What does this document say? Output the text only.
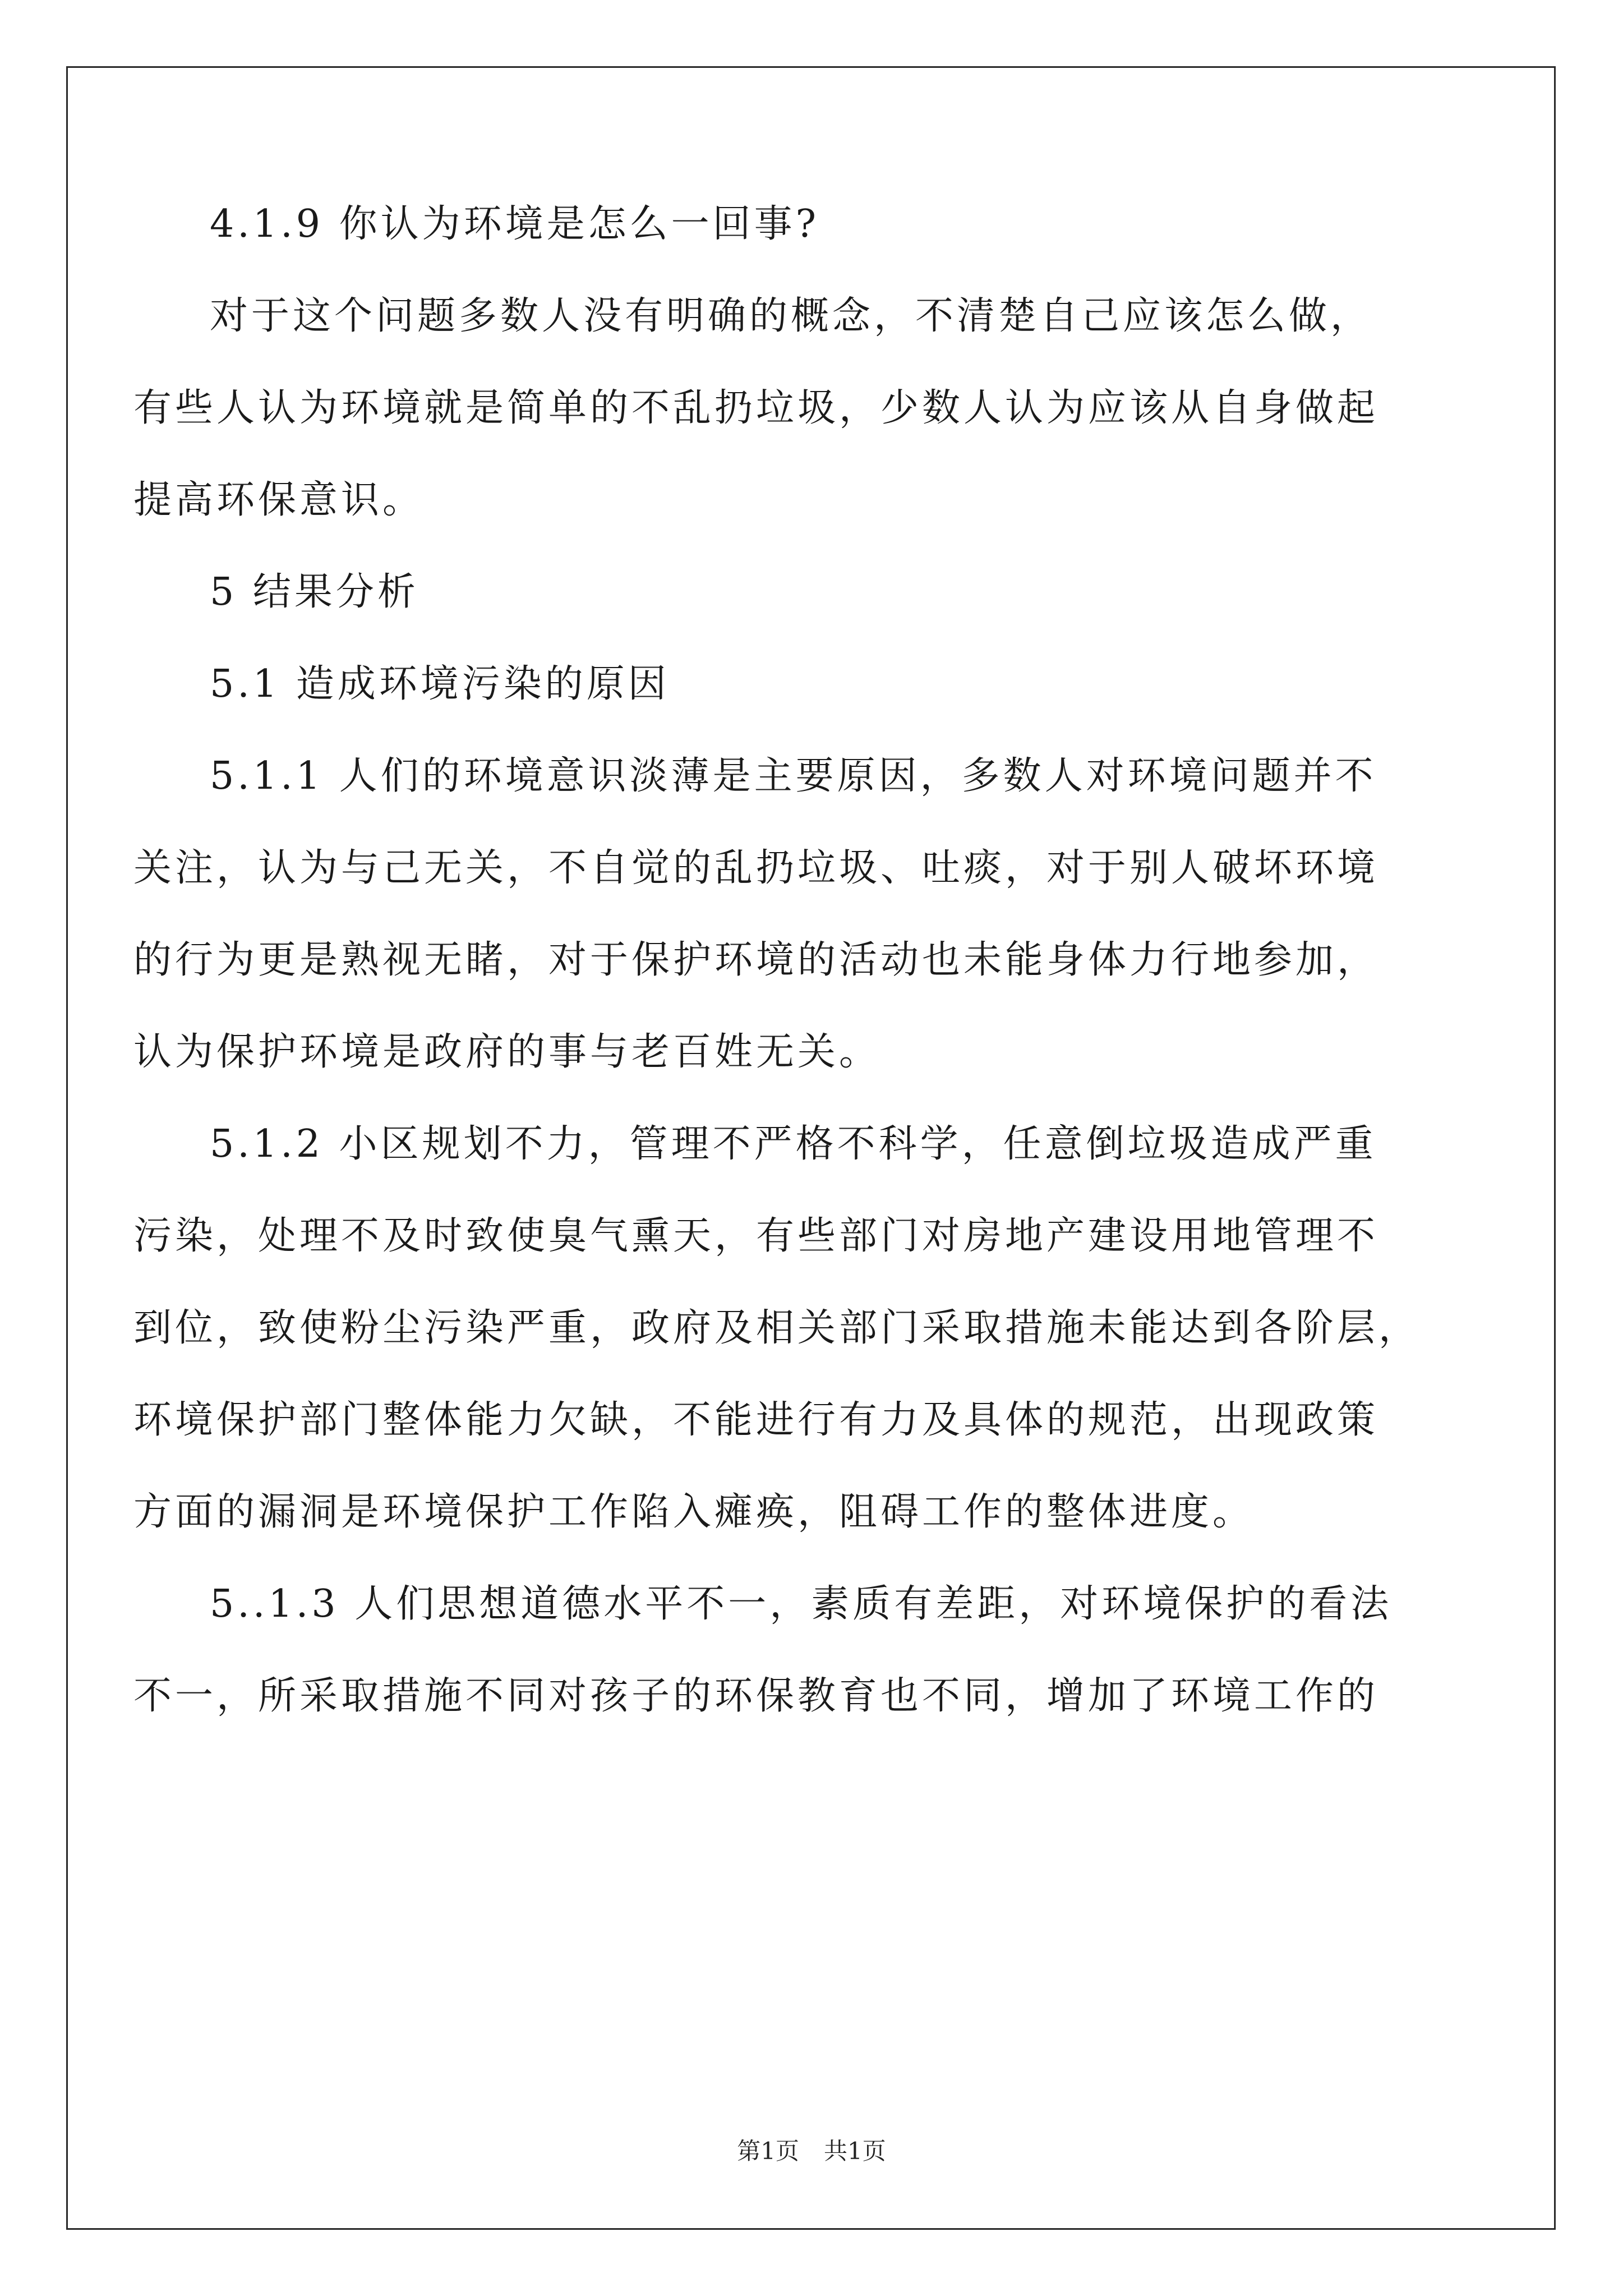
4.1.9 你认为环境是怎么一回事?

对于这个问题多数人没有明确的概念，不清楚自己应该怎么做，

有些人认为环境就是简单的不乱扔垃圾，少数人认为应该从自身做起

提高环保意识。

5 结果分析

5.1 造成环境污染的原因

5.1.1 人们的环境意识淡薄是主要原因，多数人对环境问题并不

关注，认为与己无关，不自觉的乱扔垃圾、吐痰，对于别人破坏环境

的行为更是熟视无睹，对于保护环境的活动也未能身体力行地参加，

认为保护环境是政府的事与老百姓无关。

5.1.2 小区规划不力，管理不严格不科学，任意倒垃圾造成严重

污染，处理不及时致使臭气熏天，有些部门对房地产建设用地管理不

到位，致使粉尘污染严重，政府及相关部门采取措施未能达到各阶层，

环境保护部门整体能力欠缺，不能进行有力及具体的规范，出现政策

方面的漏洞是环境保护工作陷入瘫痪，阻碍工作的整体进度。

5..1.3 人们思想道德水平不一，素质有差距，对环境保护的看法

不一，所采取措施不同对孩子的环保教育也不同，增加了环境工作的

第1页 共1页
